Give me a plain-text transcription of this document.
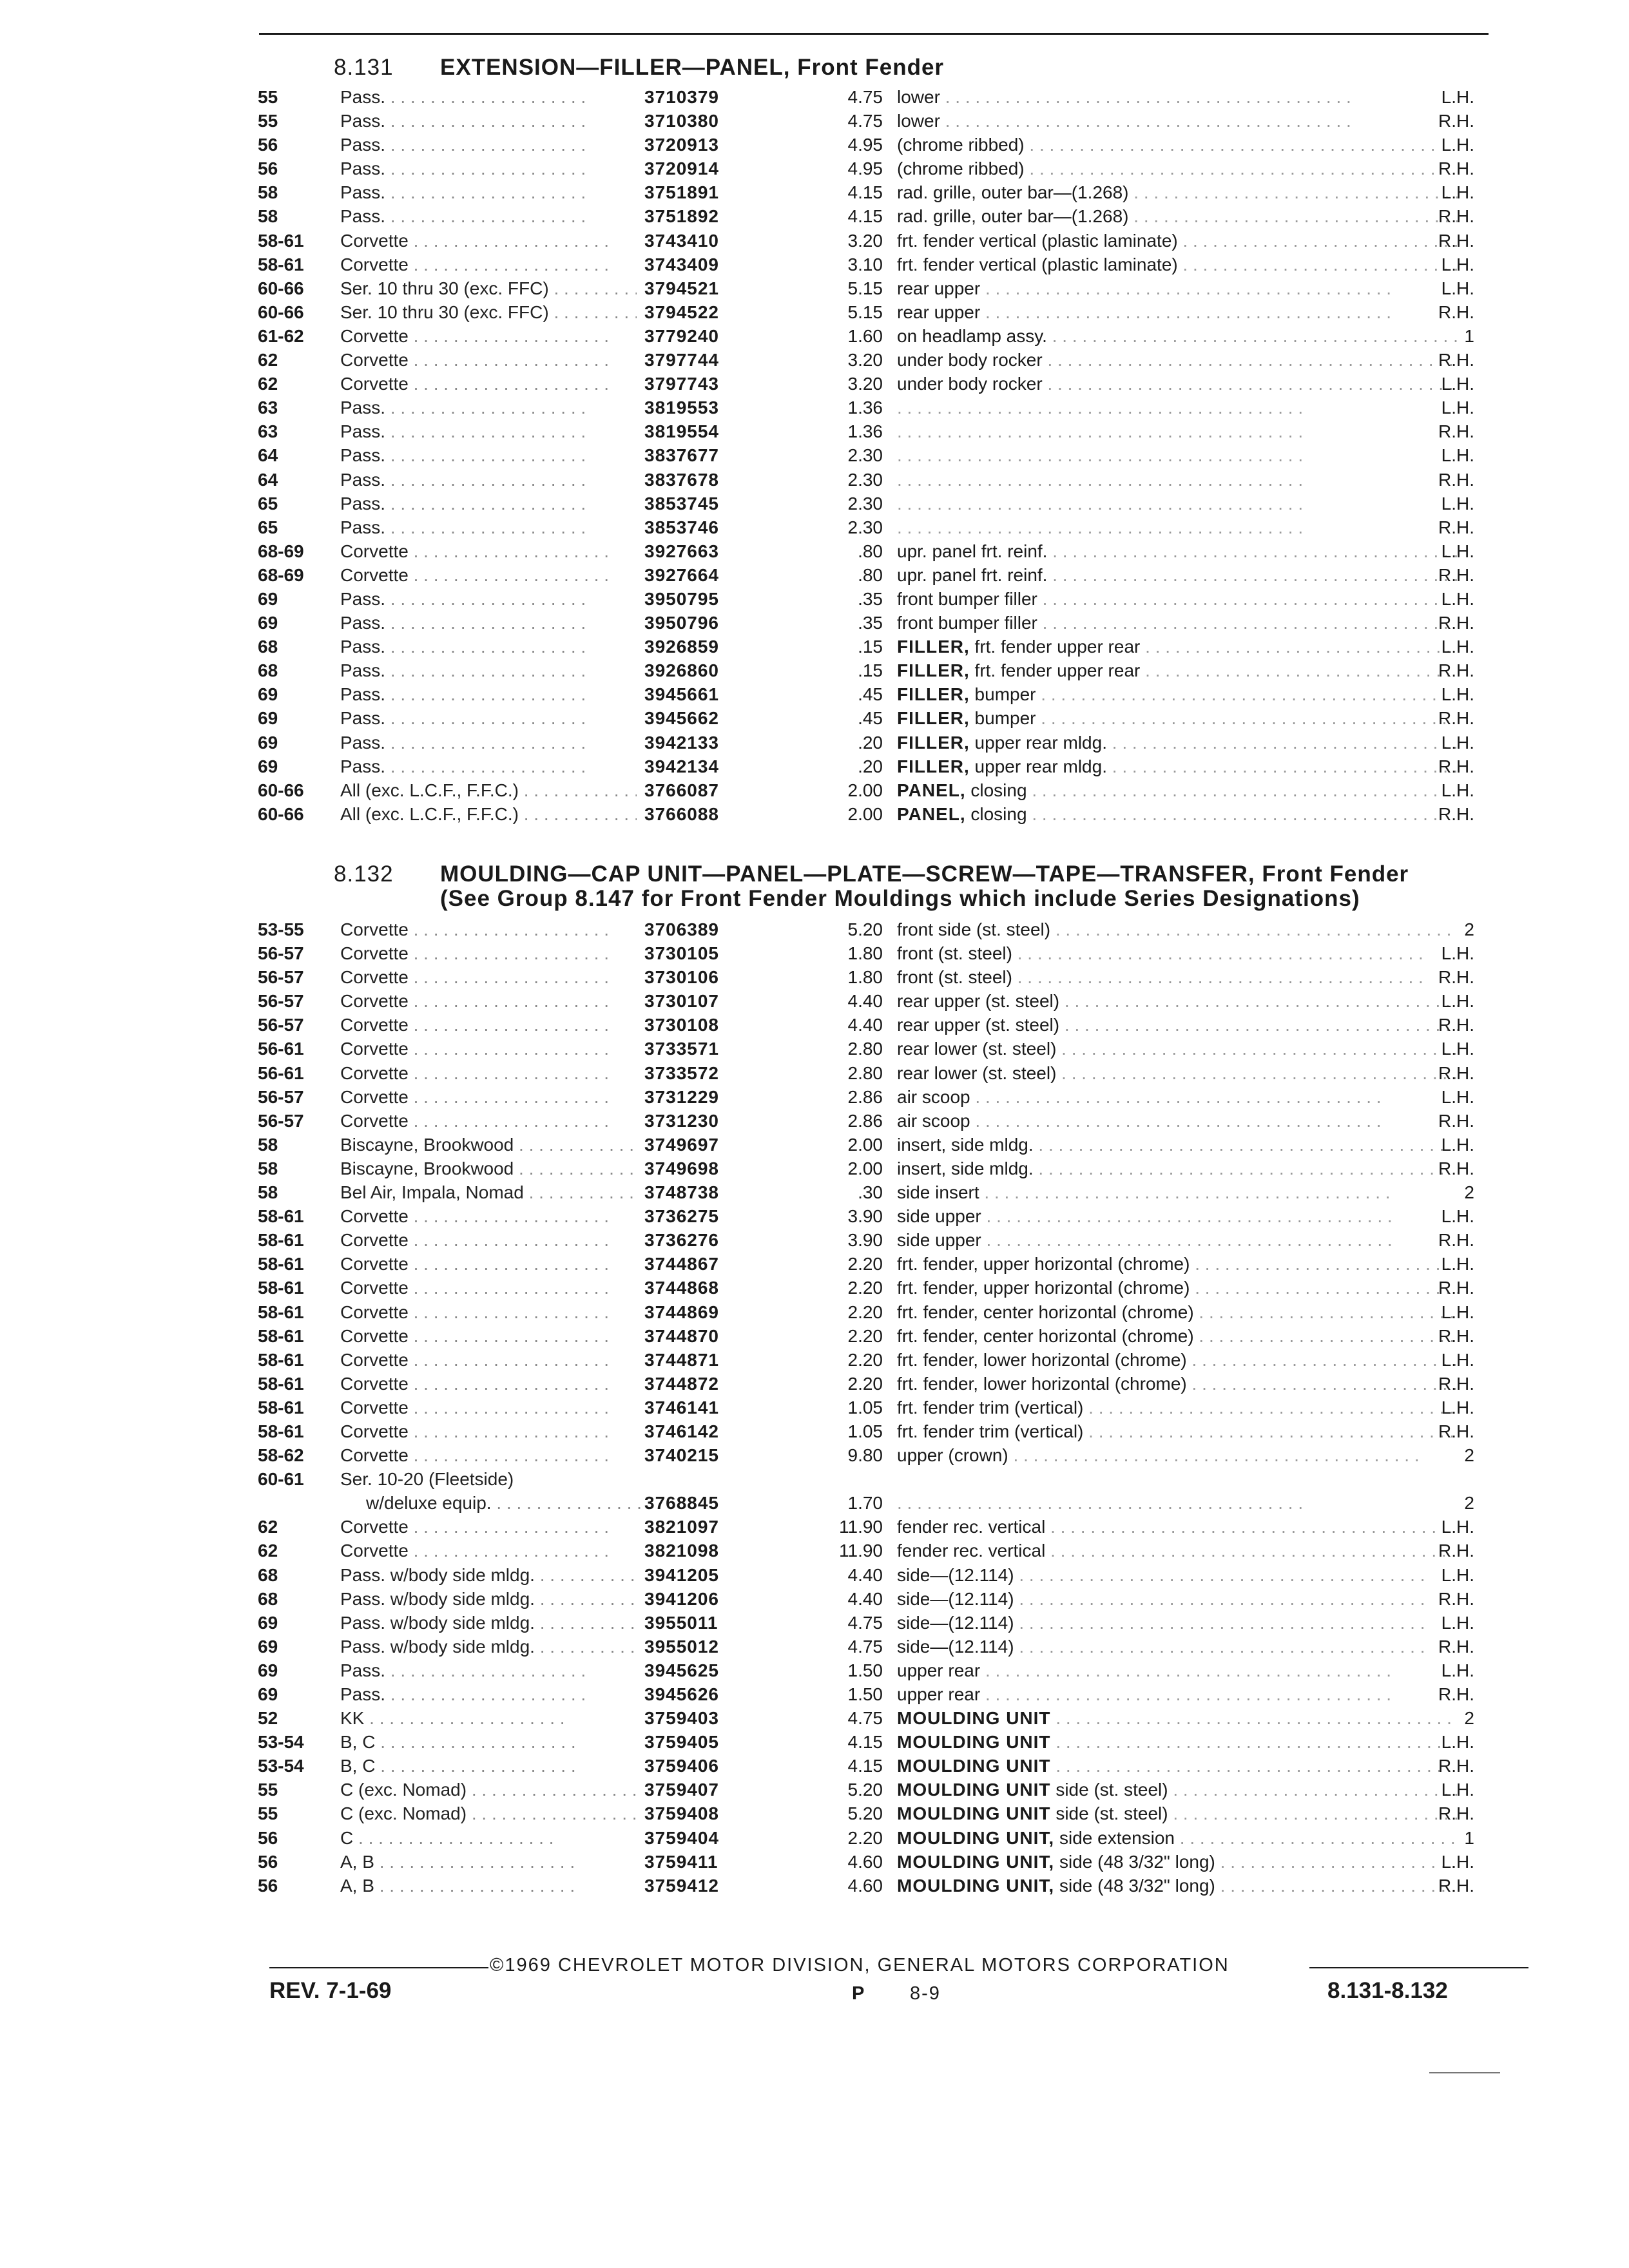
8.131 EXTENSION—FILLER—PANEL, Front Fender
55	Pass. . . .	3710379	4.75 lower . . .	L.H.
55	Pass. . . .	3710380	4.75 lower . . .	R.H.
56	Pass. . . .	3720913	4.95 (chrome ribbed) . . .	L.H.
56	Pass. . . .	3720914	4.95 (chrome ribbed) . . .	R.H.
58	Pass. . . .	3751891	4.15 rad. grille, outer bar—(1.268) . . .	L.H.
58	Pass. . . .	3751892	4.15 rad. grille, outer bar—(1.268) . . .	R.H.
58-61	Corvette . . .	3743410	3.20 frt. fender vertical (plastic laminate) . . .	R.H.
58-61	Corvette . . .	3743409	3.10 frt. fender vertical (plastic laminate) . . .	L.H.
60-66	Ser. 10 thru 30 (exc. FFC) . . .	3794521	5.15 rear upper . . .	L.H.
60-66	Ser. 10 thru 30 (exc. FFC) . . .	3794522	5.15 rear upper . . .	R.H.
61-62	Corvette . . .	3779240	1.60 on headlamp assy. . . .	1
62	Corvette . . .	3797744	3.20 under body rocker . . .	R.H.
62	Corvette . . .	3797743	3.20 under body rocker . . .	L.H.
63	Pass. . . .	3819553	1.36 . . .	L.H.
63	Pass. . . .	3819554	1.36 . . .	R.H.
64	Pass. . . .	3837677	2.30 . . .	L.H.
64	Pass. . . .	3837678	2.30 . . .	R.H.
65	Pass. . . .	3853745	2.30 . . .	L.H.
65	Pass. . . .	3853746	2.30 . . .	R.H.
68-69	Corvette . . .	3927663	.80 upr. panel frt. reinf. . . .	L.H.
68-69	Corvette . . .	3927664	.80 upr. panel frt. reinf. . . .	R.H.
69	Pass. . . .	3950795	.35 front bumper filler . . .	L.H.
69	Pass. . . .	3950796	.35 front bumper filler . . .	R.H.
68	Pass. . . .	3926859	.15 FILLER, frt. fender upper rear . . .	L.H.
68	Pass. . . .	3926860	.15 FILLER, frt. fender upper rear . . .	R.H.
69	Pass. . . .	3945661	.45 FILLER, bumper . . .	L.H.
69	Pass. . . .	3945662	.45 FILLER, bumper . . .	R.H.
69	Pass. . . .	3942133	.20 FILLER, upper rear mldg. . . .	L.H.
69	Pass. . . .	3942134	.20 FILLER, upper rear mldg. . . .	R.H.
60-66	All (exc. L.C.F., F.F.C.) . . .	3766087	2.00 PANEL, closing . . .	L.H.
60-66	All (exc. L.C.F., F.F.C.) . . .	3766088	2.00 PANEL, closing . . .	R.H.
8.132	MOULDING—CAP UNIT—PANEL—PLATE—SCREW—TAPE—TRANSFER, Front Fender (See Group 8.147 for Front Fender Mouldings which include Series Designations)
53-55	Corvette . . .	3706389	5.20 front side (st. steel) . . .	2
56-57	Corvette . . .	3730105	1.80 front (st. steel) . . .	L.H.
56-57	Corvette . . .	3730106	1.80 front (st. steel) . . .	R.H.
56-57	Corvette . . .	3730107	4.40 rear upper (st. steel) . . .	L.H.
56-57	Corvette . . .	3730108	4.40 rear upper (st. steel) . . .	R.H.
56-61	Corvette . . .	3733571	2.80 rear lower (st. steel) . . .	L.H.
56-61	Corvette . . .	3733572	2.80 rear lower (st. steel) . . .	R.H.
56-57	Corvette . . .	3731229	2.86 air scoop . . .	L.H.
56-57	Corvette . . .	3731230	2.86 air scoop . . .	R.H.
58	Biscayne, Brookwood . . .	3749697	2.00 insert, side mldg. . . .	L.H.
58	Biscayne, Brookwood . . .	3749698	2.00 insert, side mldg. . . .	R.H.
58	Bel Air, Impala, Nomad . . .	3748738	.30 side insert . . .	2
58-61	Corvette . . .	3736275	3.90 side upper . . .	L.H.
58-61	Corvette . . .	3736276	3.90 side upper . . .	R.H.
58-61	Corvette . . .	3744867	2.20 frt. fender, upper horizontal (chrome) . . .	L.H.
58-61	Corvette . . .	3744868	2.20 frt. fender, upper horizontal (chrome) . . .	R.H.
58-61	Corvette . . .	3744869	2.20 frt. fender, center horizontal (chrome) . . .	L.H.
58-61	Corvette . . .	3744870	2.20 frt. fender, center horizontal (chrome) . . .	R.H.
58-61	Corvette . . .	3744871	2.20 frt. fender, lower horizontal (chrome) . . .	L.H.
58-61	Corvette . . .	3744872	2.20 frt. fender, lower horizontal (chrome) . . .	R.H.
58-61	Corvette . . .	3746141	1.05 frt. fender trim (vertical) . . .	L.H.
58-61	Corvette . . .	3746142	1.05 frt. fender trim (vertical) . . .	R.H.
58-62	Corvette . . .	3740215	9.80 upper (crown) . . .	2
60-61	Ser. 10-20 (Fleetside)
w/deluxe equip. . . .	3768845	1.70 . . .	2
62	Corvette . . .	3821097	11.90 fender rec. vertical . . .	L.H.
62	Corvette . . .	3821098	11.90 fender rec. vertical . . .	R.H.
68	Pass. w/body side mldg. . . .	3941205	4.40 side—(12.114) . . .	L.H.
68	Pass. w/body side mldg. . . .	3941206	4.40 side—(12.114) . . .	R.H.
69	Pass. w/body side mldg. . . .	3955011	4.75 side—(12.114) . . .	L.H.
69	Pass. w/body side mldg. . . .	3955012	4.75 side—(12.114) . . .	R.H.
69	Pass. . . .	3945625	1.50 upper rear . . .	L.H.
69	Pass. . . .	3945626	1.50 upper rear . . .	R.H.
52	KK . . .	3759403	4.75 MOULDING UNIT . . .	2
53-54	B, C . . .	3759405	4.15 MOULDING UNIT . . .	L.H.
53-54	B, C . . .	3759406	4.15 MOULDING UNIT . . .	R.H.
55	C (exc. Nomad) . . .	3759407	5.20 MOULDING UNIT side (st. steel) . . .	L.H.
55	C (exc. Nomad) . . .	3759408	5.20 MOULDING UNIT side (st. steel) . . .	R.H.
56	C . . .	3759404	2.20 MOULDING UNIT, side extension . . .	1
56	A, B . . .	3759411	4.60 MOULDING UNIT, side (48 3/32" long) . . .	L.H.
56	A, B . . .	3759412	4.60 MOULDING UNIT, side (48 3/32" long) . . .	R.H.
©1969 CHEVROLET MOTOR DIVISION, GENERAL MOTORS CORPORATION
REV. 7-1-69	P 8-9	8.131-8.132
